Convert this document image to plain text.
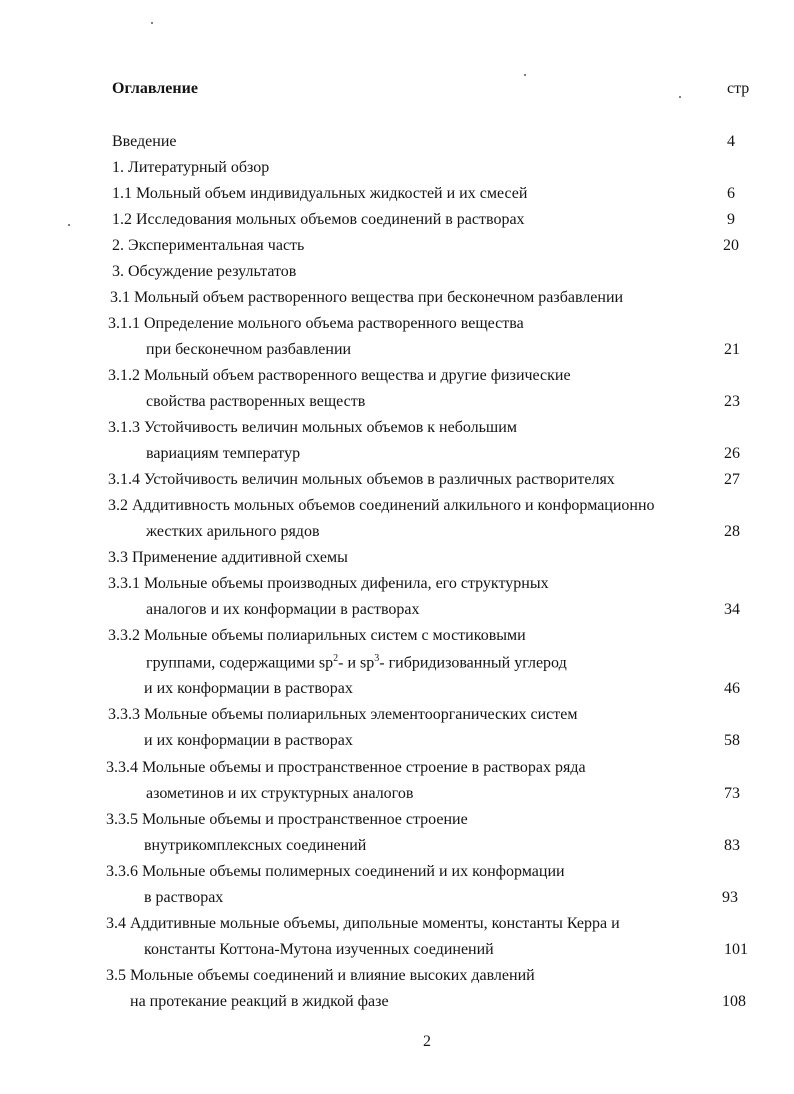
Оглавление	стр
Введение	4
1. Литературный обзор
1.1 Мольный объем индивидуальных жидкостей и их смесей	6
1.2 Исследования мольных объемов соединений в растворах	9
2. Экспериментальная часть	20
3. Обсуждение результатов
3.1 Мольный объем растворенного вещества при бесконечном разбавлении
3.1.1 Определение мольного объема растворенного вещества
при бесконечном разбавлении	21
3.1.2 Мольный объем растворенного вещества и другие физические
свойства растворенных веществ	23
3.1.3 Устойчивость величин мольных объемов к небольшим
вариациям температур	26
3.1.4 Устойчивость величин мольных объемов в различных растворителях	27
3.2 Аддитивность мольных объемов соединений алкильного и конформационно
жестких арильного рядов	28
3.3 Применение аддитивной схемы
3.3.1 Мольные объемы производных дифенила, его структурных
аналогов и их конформации в растворах	34
3.3.2 Мольные объемы полиарильных систем с мостиковыми
группами, содержащими $sp^2-$ и $sp^3-$ гибридизованный углерод
и их конформации в растворах	46
3.3.3 Мольные объемы полиарильных элементоорганических систем
и их конформации в растворах	58
3.3.4 Мольные объемы и пространственное строение в растворах ряда
азометинов и их структурных аналогов	73
3.3.5 Мольные объемы и пространственное строение
внутрикомплексных соединений	83
3.3.6 Мольные объемы полимерных соединений и их конформации
в растворах	93
3.4 Аддитивные мольные объемы, дипольные моменты, константы Керра и
константы Коттона-Мутона изученных соединений	101
3.5 Мольные объемы соединений и влияние высоких давлений
на протекание реакций в жидкой фазе	108
2
